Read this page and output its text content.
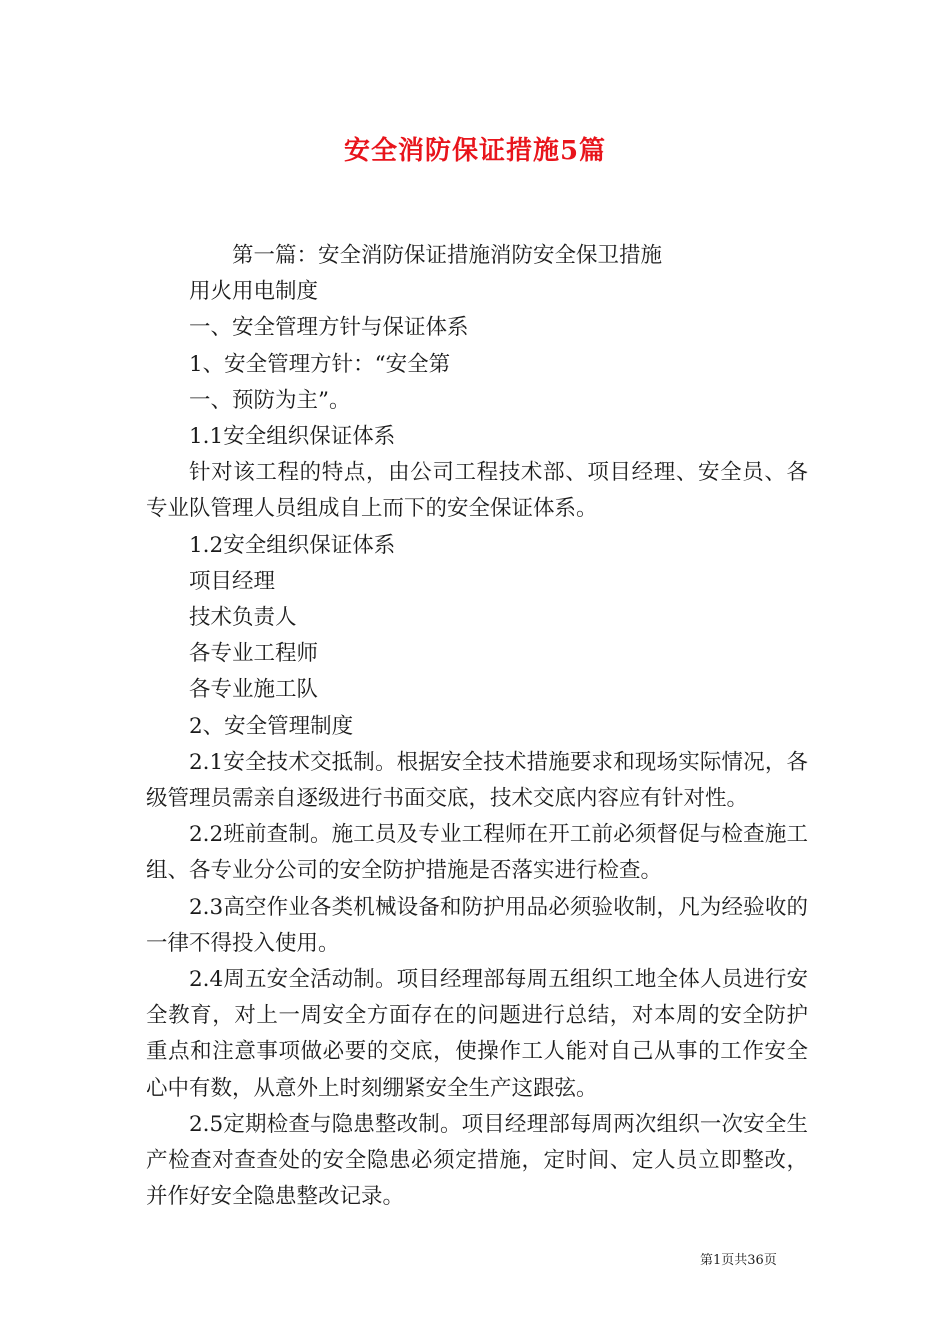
安全消防保证措施5篇

第一篇：安全消防保证措施消防安全保卫措施

用火用电制度

一、安全管理方针与保证体系

1、安全管理方针：“安全第

一、预防为主”。

1.1安全组织保证体系

针对该工程的特点，由公司工程技术部、项目经理、安全员、各专业队管理人员组成自上而下的安全保证体系。

1.2安全组织保证体系

项目经理

技术负责人

各专业工程师

各专业施工队

2、安全管理制度

2.1安全技术交抵制。根据安全技术措施要求和现场实际情况，各级管理员需亲自逐级进行书面交底，技术交底内容应有针对性。

2.2班前查制。施工员及专业工程师在开工前必须督促与检查施工组、各专业分公司的安全防护措施是否落实进行检查。

2.3高空作业各类机械设备和防护用品必须验收制，凡为经验收的一律不得投入使用。

2.4周五安全活动制。项目经理部每周五组织工地全体人员进行安全教育，对上一周安全方面存在的问题进行总结，对本周的安全防护重点和注意事项做必要的交底，使操作工人能对自己从事的工作安全心中有数，从意外上时刻绷紧安全生产这跟弦。

2.5定期检查与隐患整改制。项目经理部每周两次组织一次安全生产检查对查查处的安全隐患必须定措施，定时间、定人员立即整改，并作好安全隐患整改记录。

第1页共36页
